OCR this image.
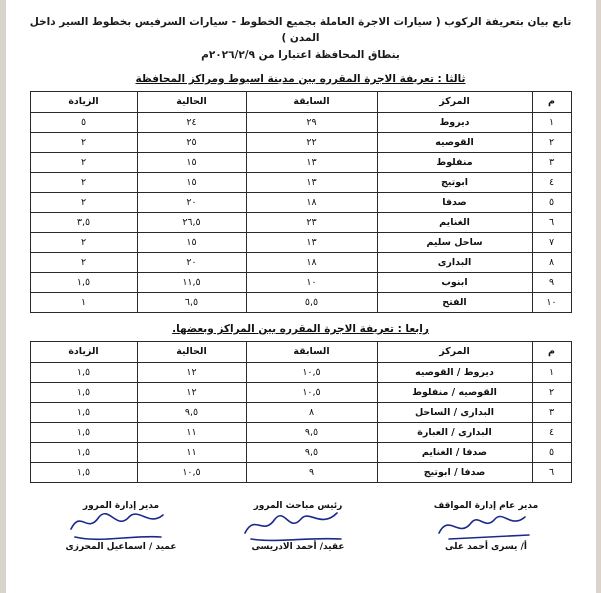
تابع بيان بتعريفة الركوب ( سيارات الاجرة العاملة بجميع الخطوط - سيارات السرفيس بخطوط السير داخل المدن )
بنطاق المحافظة اعتبارا من ٢٠٢٦/٢/٩م
ثالثا : تعريفة الاجرة المقرره بين مدينة اسيوط ومراكز المحافظة
م	المركز	السابقة	الحالية	الزيادة
١	ديروط	٢٩	٢٤	٥
٢	القوصيه	٢٢	٢٥	٢
٣	منفلوط	١٣	١٥	٢
٤	ابوتيج	١٣	١٥	٢
٥	صدفا	١٨	٢٠	٢
٦	الغنايم	٢٣	٢٦,٥	٣,٥
٧	ساحل سليم	١٣	١٥	٢
٨	البدارى	١٨	٢٠	٢
٩	ابنوب	١٠	١١,٥	١,٥
١٠	الفتح	٥,٥	٦,٥	١
رابعا : تعريفة الاجرة المقرره بين المراكز وبعضها.
م	المركز	السابقة	الحالية	الزيادة
١	ديروط / القوصيه	١٠,٥	١٢	١,٥
٢	القوصيه / منفلوط	١٠,٥	١٢	١,٥
٣	البدارى / الساحل	٨	٩,٥	١,٥
٤	البدارى / العبارة	٩,٥	١١	١,٥
٥	صدفا / الغنايم	٩,٥	١١	١,٥
٦	صدفا / ابوتيج	٩	١٠,٥	١,٥
مدير عام إدارة المواقف
أ/ يسرى أحمد على
رئيس مباحث المرور
عقيد/ أحمد الادريسى
مدير إدارة المرور
عميد / اسماعيل المحرزى
